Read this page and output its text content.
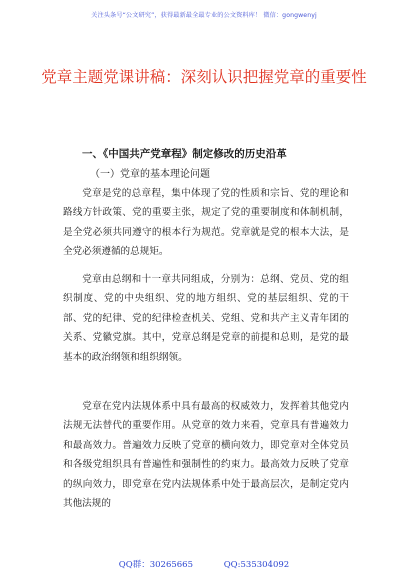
关注头条号“公文研究”，获得最新最全最专业的公文资料库！ 微信：gongwenyj
党章主题党课讲稿：深刻认识把握党章的重要性
一、《中国共产党章程》制定修改的历史沿革
（一）党章的基本理论问题

党章是党的总章程，集中体现了党的性质和宗旨、党的理论和路线方针政策、党的重要主张，规定了党的重要制度和体制机制，是全党必须共同遵守的根本行为规范。党章就是党的根本大法，是全党必须遵循的总规矩。

党章由总纲和十一章共同组成，分别为：总纲、党员、党的组织制度、党的中央组织、党的地方组织、党的基层组织、党的干部、党的纪律、党的纪律检查机关、党组、党和共产主义青年团的关系、党徽党旗。其中，党章总纲是党章的前提和总则，是党的最基本的政治纲领和组织纲领。

党章在党内法规体系中具有最高的权威效力，发挥着其他党内法规无法替代的重要作用。从党章的效力来看，党章具有普遍效力和最高效力。普遍效力反映了党章的横向效力，即党章对全体党员和各级党组织具有普遍性和强制性的约束力。最高效力反映了党章的纵向效力，即党章在党内法规体系中处于最高层次，是制定党内其他法规的

QQ群：30265665	QQ:535304092
